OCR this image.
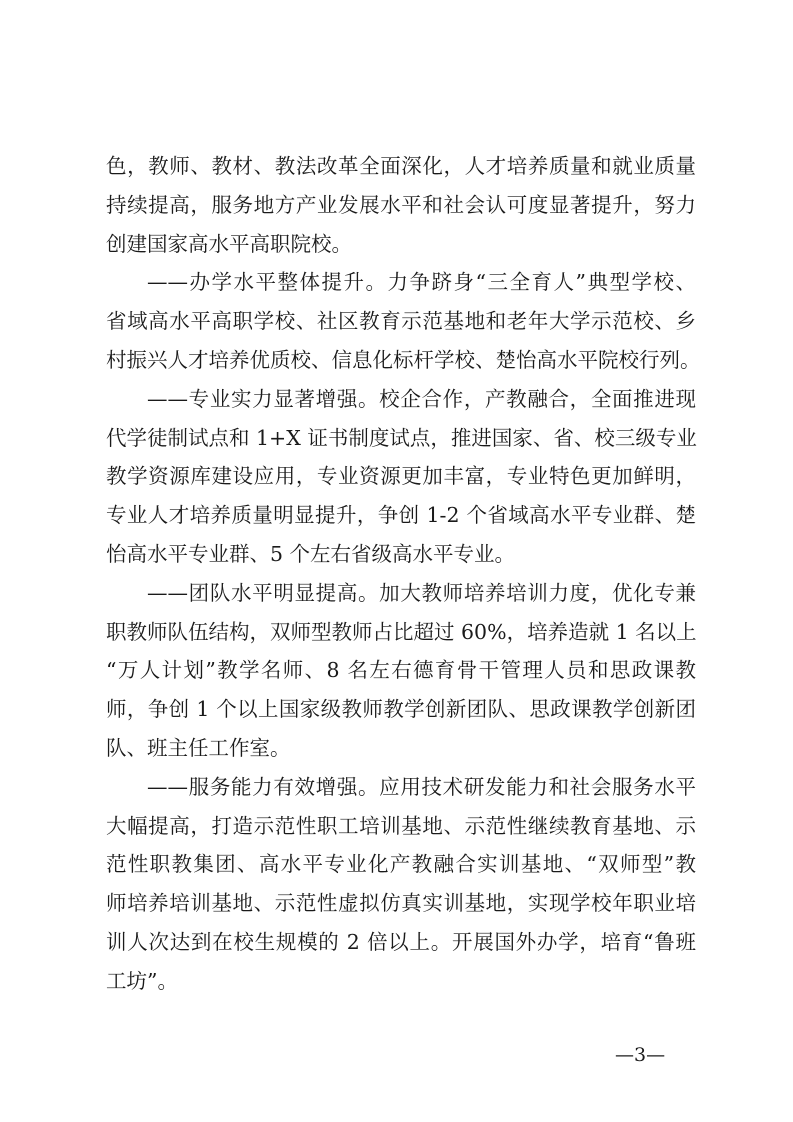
色，教师、教材、教法改革全面深化，人才培养质量和就业质量
持续提高，服务地方产业发展水平和社会认可度显著提升，努力
创建国家高水平高职院校。
——办学水平整体提升。力争跻身“三全育人”典型学校、
省域高水平高职学校、社区教育示范基地和老年大学示范校、乡
村振兴人才培养优质校、信息化标杆学校、楚怡高水平院校行列。
——专业实力显著增强。校企合作，产教融合，全面推进现
代学徒制试点和 1+X 证书制度试点，推进国家、省、校三级专业
教学资源库建设应用，专业资源更加丰富，专业特色更加鲜明，
专业人才培养质量明显提升，争创 1-2 个省域高水平专业群、楚
怡高水平专业群、5 个左右省级高水平专业。
——团队水平明显提高。加大教师培养培训力度，优化专兼
职教师队伍结构，双师型教师占比超过 60%，培养造就 1 名以上
“万人计划”教学名师、8 名左右德育骨干管理人员和思政课教
师，争创 1 个以上国家级教师教学创新团队、思政课教学创新团
队、班主任工作室。
——服务能力有效增强。应用技术研发能力和社会服务水平
大幅提高，打造示范性职工培训基地、示范性继续教育基地、示
范性职教集团、高水平专业化产教融合实训基地、“双师型”教
师培养培训基地、示范性虚拟仿真实训基地，实现学校年职业培
训人次达到在校生规模的 2 倍以上。开展国外办学，培育“鲁班
工坊”。
—3—
